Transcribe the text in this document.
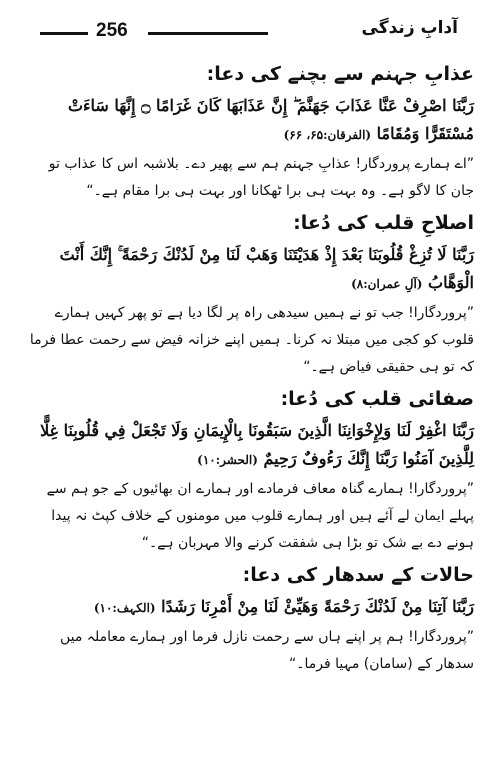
256	آدابِ زندگی
عذابِ جہنم سے بچنے کی دعا:
رَبَّنَا اصْرِفْ عَنَّا عَذَابَ جَهَنَّمَ ۖ إِنَّ عَذَابَهَا كَانَ غَرَامًا ۝ إِنَّهَا سَاءَتْ مُسْتَقَرًّا وَمُقَامًا (الفرقان:۶۵، ۶۶)
”اے ہمارے پروردگار! عذابِ جہنم ہم سے پھیر دے۔ بلاشبہ اس کا عذاب تو جان کا لاگو ہے۔ وہ بہت ہی برا ٹھکانا اور بہت ہی برا مقام ہے۔“
اصلاحِ قلب کی دُعا:
رَبَّنَا لَا تُزِغْ قُلُوبَنَا بَعْدَ إِذْ هَدَيْتَنَا وَهَبْ لَنَا مِنْ لَدُنْكَ رَحْمَةً ۚ إِنَّكَ أَنْتَ الْوَهَّابُ (آلِ عمران:۸)
”پروردگارا! جب تو نے ہمیں سیدھی راہ پر لگا دیا ہے تو پھر کہیں ہمارے قلوب کو کجی میں مبتلا نہ کرنا۔ ہمیں اپنے خزانہ فیض سے رحمت عطا فرما کہ تو ہی حقیقی فیاض ہے۔“
صفائی قلب کی دُعا:
رَبَّنَا اغْفِرْ لَنَا وَلِإِخْوَانِنَا الَّذِينَ سَبَقُونَا بِالْإِيمَانِ وَلَا تَجْعَلْ فِي قُلُوبِنَا غِلًّا لِلَّذِينَ آمَنُوا رَبَّنَا إِنَّكَ رَءُوفٌ رَحِيمٌ (الحشر:۱۰)
”پروردگارا! ہمارے گناہ معاف فرمادے اور ہمارے ان بھائیوں کے جو ہم سے پہلے ایمان لے آئے ہیں اور ہمارے قلوب میں مومنوں کے خلاف کپٹ نہ پیدا ہونے دے بے شک تو بڑا ہی شفقت کرنے والا مہربان ہے۔“
حالات کے سدھار کی دعا:
رَبَّنَا آتِنَا مِنْ لَدُنْكَ رَحْمَةً وَهَيِّئْ لَنَا مِنْ أَمْرِنَا رَشَدًا (الکہف:۱۰)
”پروردگارا! ہم پر اپنے ہاں سے رحمت نازل فرما اور ہمارے معاملہ میں سدھار کے (سامان) مہیا فرما۔“
